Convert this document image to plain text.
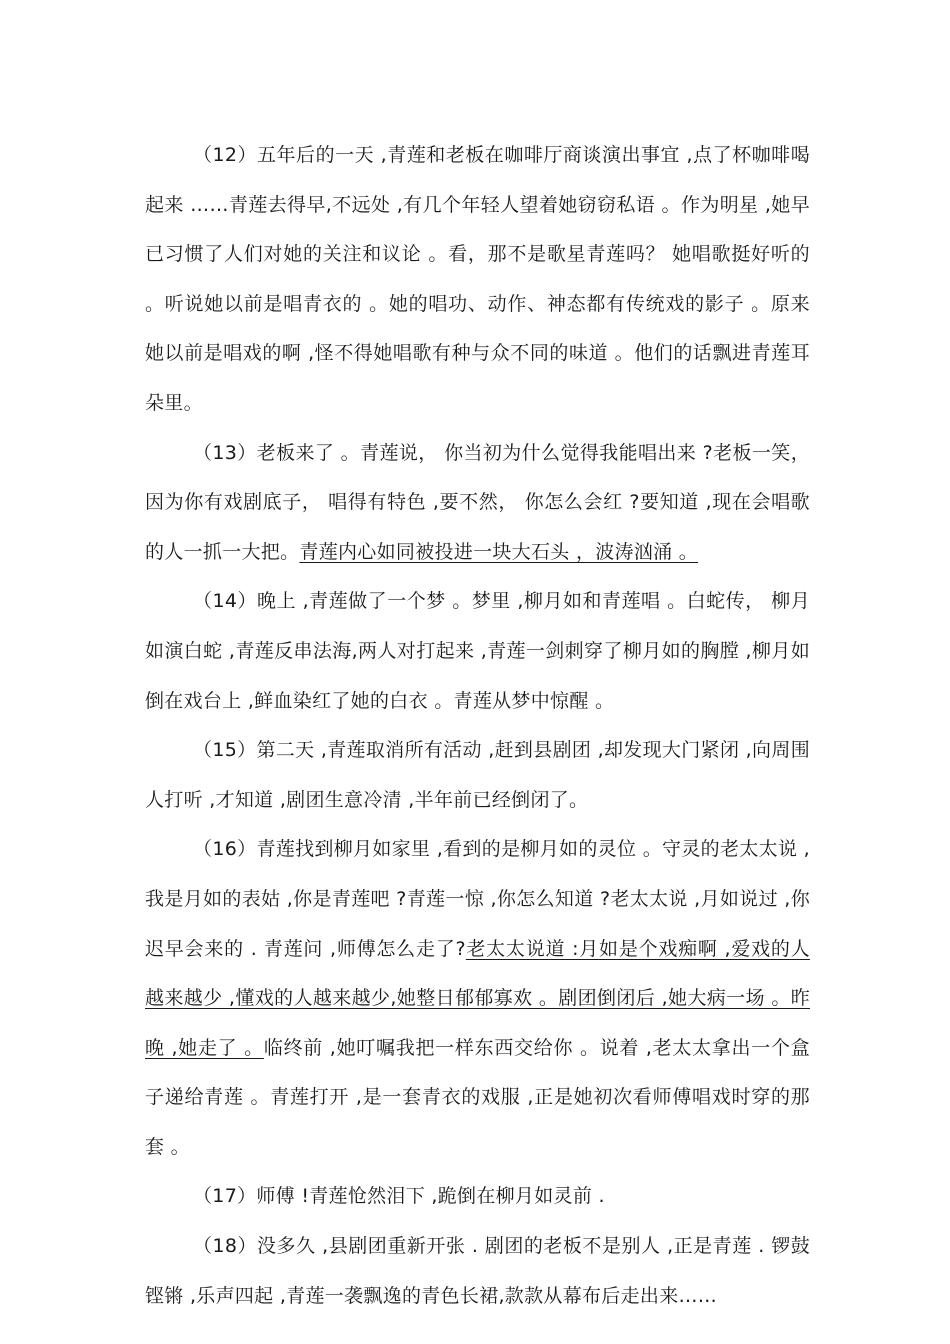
（12）五年后的一天 ,青莲和老板在咖啡厅商谈演出事宜 ,点了杯咖啡喝起来 ……青莲去得早,不远处 ,有几个年轻人望着她窃窃私语 。作为明星 ,她早已习惯了人们对她的关注和议论 。看，那不是歌星青莲吗？ 她唱歌挺好听的 。听说她以前是唱青衣的 。她的唱功、动作、神态都有传统戏的影子 。原来她以前是唱戏的啊 ,怪不得她唱歌有种与众不同的味道 。他们的话飘进青莲耳朵里。

（13）老板来了 。青莲说， 你当初为什么觉得我能唱出来 ?老板一笑，因为你有戏剧底子， 唱得有特色 ,要不然， 你怎么会红 ?要知道 ,现在会唱歌的人一抓一大把。青莲内心如同被投进一块大石头 ，波涛汹涌 。

（14）晚上 ,青莲做了一个梦 。梦里 ,柳月如和青莲唱 。白蛇传， 柳月如演白蛇 ,青莲反串法海,两人对打起来 ,青莲一剑刺穿了柳月如的胸膛 ,柳月如倒在戏台上 ,鲜血染红了她的白衣 。青莲从梦中惊醒 。

（15）第二天 ,青莲取消所有活动 ,赶到县剧团 ,却发现大门紧闭 ,向周围人打听 ,才知道 ,剧团生意冷清 ,半年前已经倒闭了。

（16）青莲找到柳月如家里 ,看到的是柳月如的灵位 。守灵的老太太说 ,我是月如的表姑 ,你是青莲吧 ?青莲一惊 ,你怎么知道 ?老太太说 ,月如说过 ,你迟早会来的 . 青莲问 ,师傅怎么走了?老太太说道 :月如是个戏痴啊 ,爱戏的人越来越少 ,懂戏的人越来越少,她整日郁郁寡欢 。剧团倒闭后 ,她大病一场 。昨晚 ,她走了 。临终前 ,她叮嘱我把一样东西交给你 。说着 ,老太太拿出一个盒子递给青莲 。青莲打开 ,是一套青衣的戏服 ,正是她初次看师傅唱戏时穿的那套 。

（17）师傅 !青莲怆然泪下 ,跪倒在柳月如灵前 .

（18）没多久 ,县剧团重新开张 . 剧团的老板不是别人 ,正是青莲 . 锣鼓铿锵 ,乐声四起 ,青莲一袭飘逸的青色长裙,款款从幕布后走出来……
